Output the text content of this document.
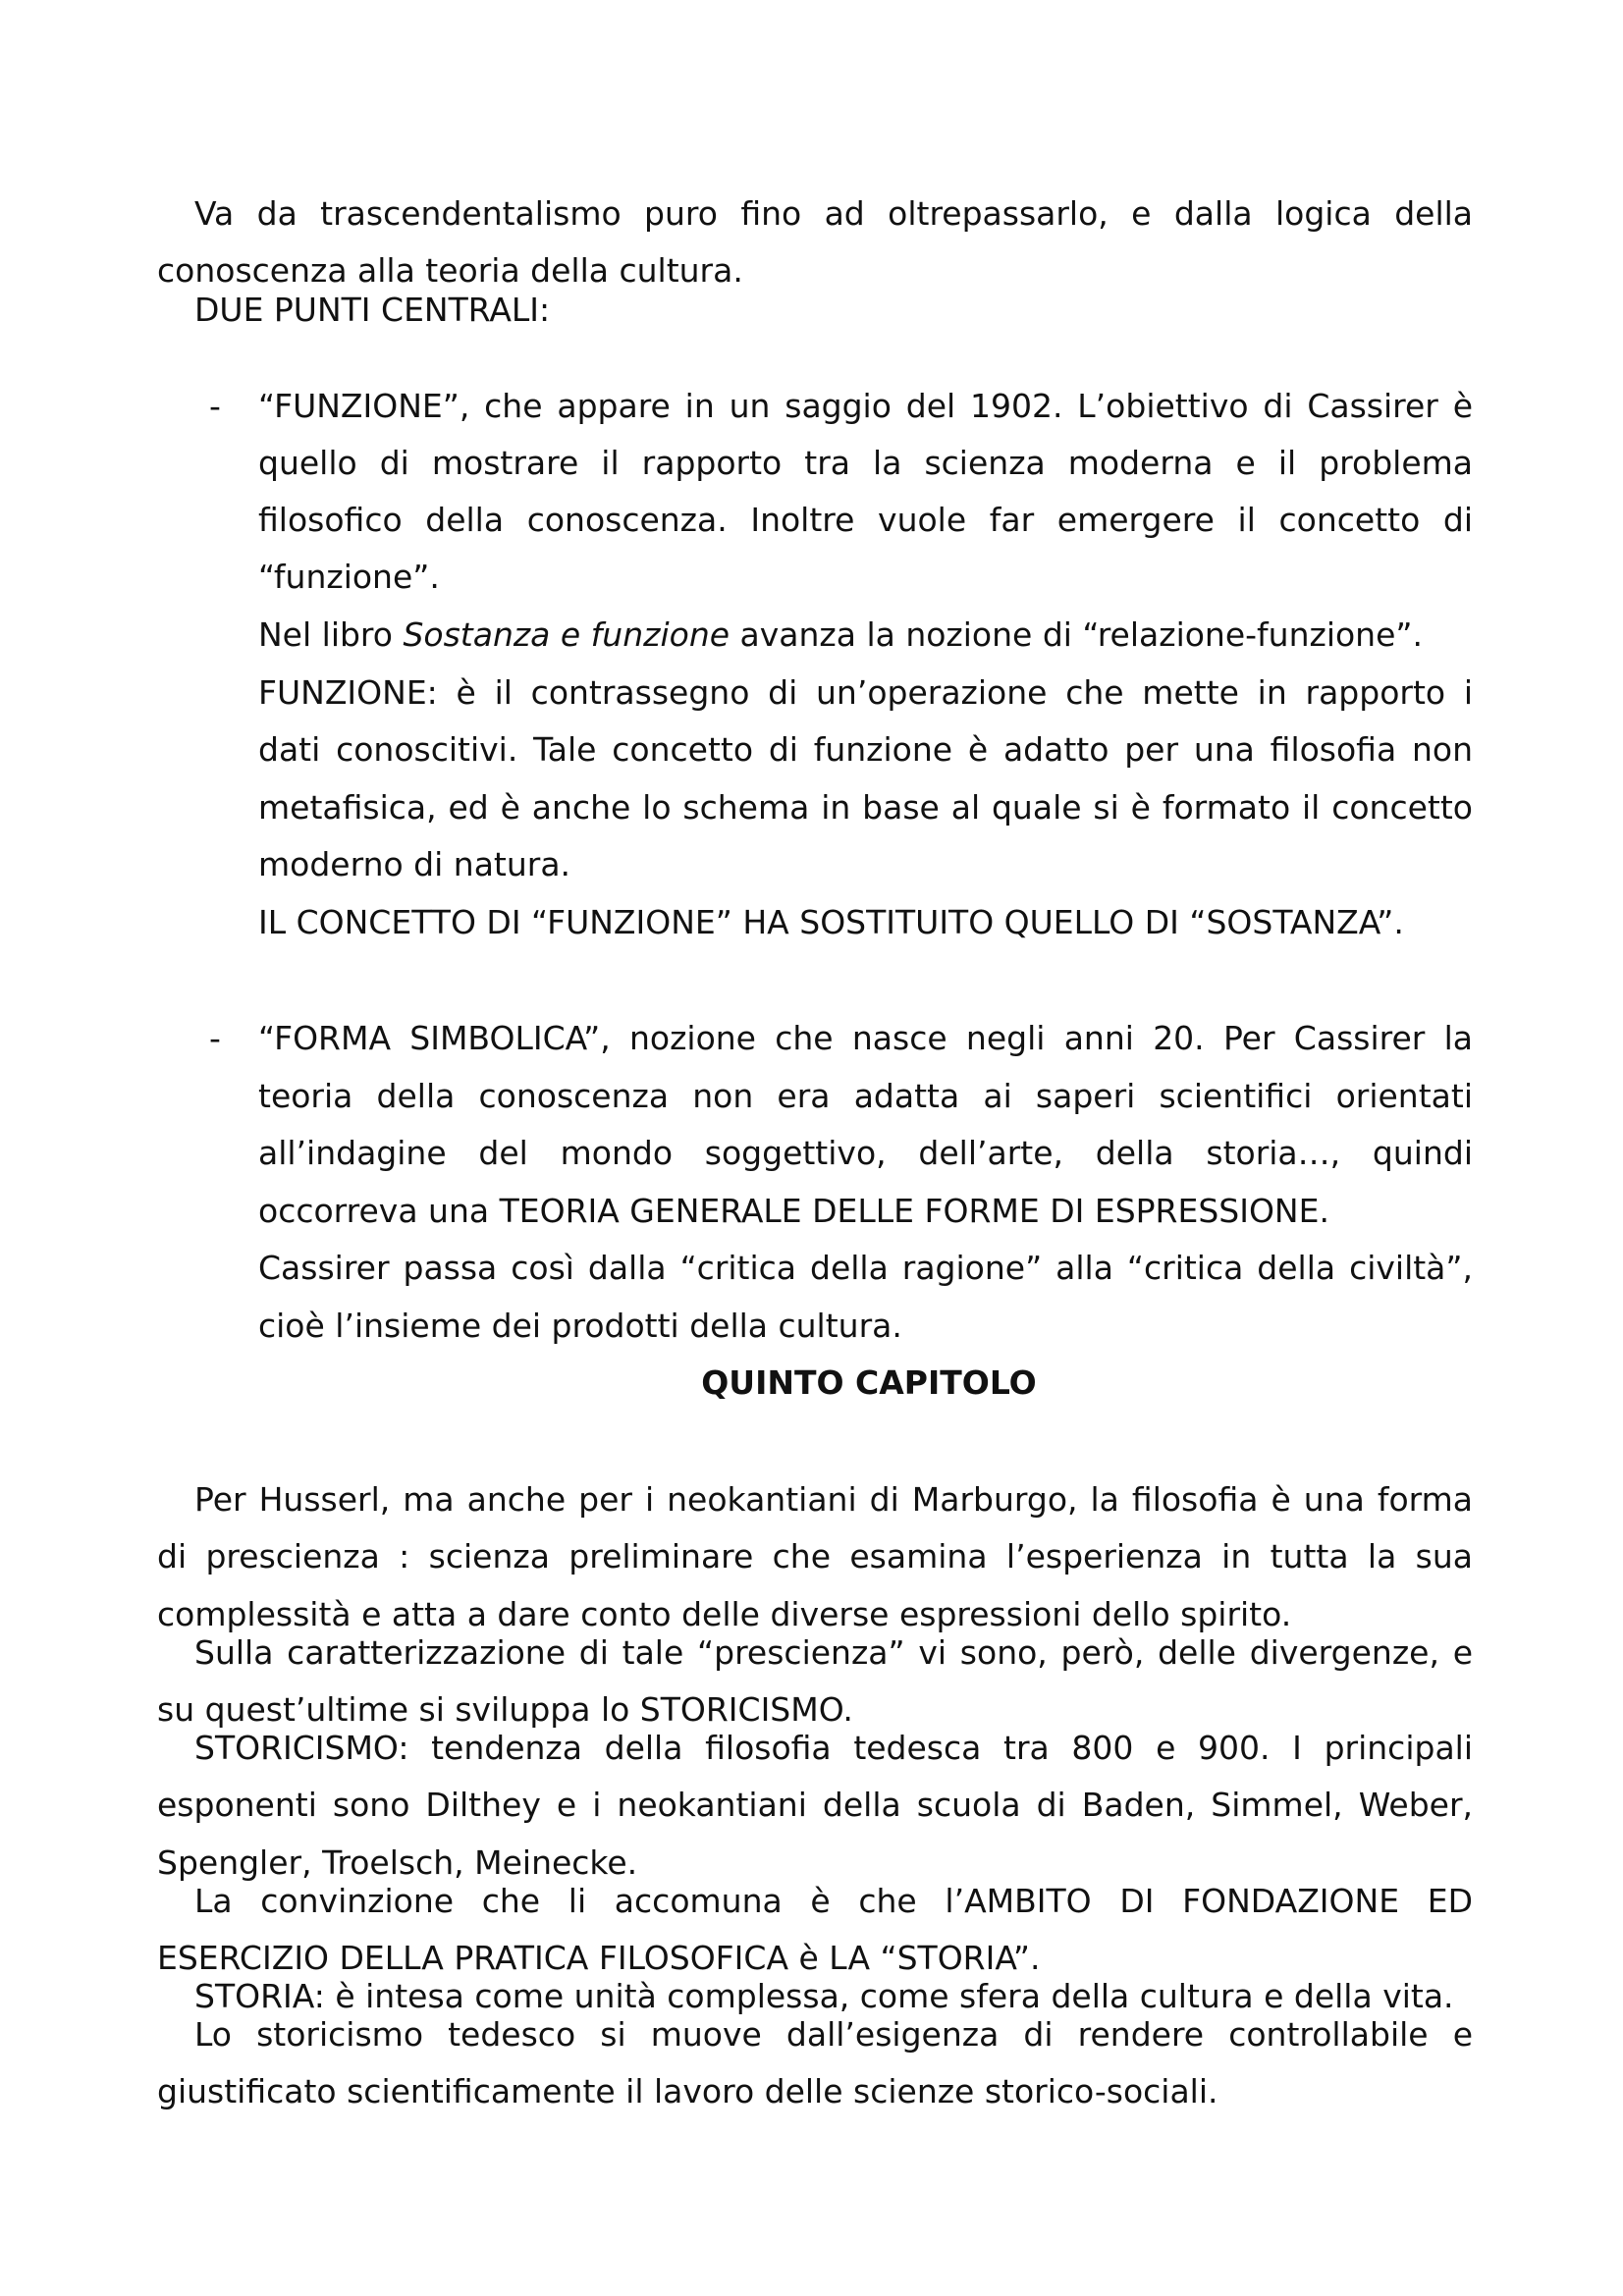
Va da trascendentalismo puro fino ad oltrepassarlo, e dalla logica della
conoscenza alla teoria della cultura.
DUE PUNTI CENTRALI:
- “FUNZIONE”, che appare in un saggio del 1902. L’obiettivo di Cassirer è
quello di mostrare il rapporto tra la scienza moderna e il problema
filosofico della conoscenza. Inoltre vuole far emergere il concetto di
“funzione”.
Nel libro Sostanza e funzione avanza la nozione di “relazione-funzione”.
FUNZIONE: è il contrassegno di un’operazione che mette in rapporto i
dati conoscitivi. Tale concetto di funzione è adatto per una filosofia non
metafisica, ed è anche lo schema in base al quale si è formato il concetto
moderno di natura.
IL CONCETTO DI “FUNZIONE” HA SOSTITUITO QUELLO DI “SOSTANZA”.
- “FORMA SIMBOLICA”, nozione che nasce negli anni 20. Per Cassirer la
teoria della conoscenza non era adatta ai saperi scientifici orientati
all’indagine del mondo soggettivo, dell’arte, della storia…, quindi
occorreva una TEORIA GENERALE DELLE FORME DI ESPRESSIONE.
Cassirer passa così dalla “critica della ragione” alla “critica della civiltà”,
cioè l’insieme dei prodotti della cultura.
QUINTO CAPITOLO
Per Husserl, ma anche per i neokantiani di Marburgo, la filosofia è una forma
di prescienza : scienza preliminare che esamina l’esperienza in tutta la sua
complessità e atta a dare conto delle diverse espressioni dello spirito.
Sulla caratterizzazione di tale “prescienza” vi sono, però, delle divergenze, e
su quest’ultime si sviluppa lo STORICISMO.
STORICISMO: tendenza della filosofia tedesca tra 800 e 900. I principali
esponenti sono Dilthey e i neokantiani della scuola di Baden, Simmel, Weber,
Spengler, Troelsch, Meinecke.
La convinzione che li accomuna è che l’AMBITO DI FONDAZIONE ED
ESERCIZIO DELLA PRATICA FILOSOFICA è LA “STORIA”.
STORIA: è intesa come unità complessa, come sfera della cultura e della vita.
Lo storicismo tedesco si muove dall’esigenza di rendere controllabile e
giustificato scientificamente il lavoro delle scienze storico-sociali.
